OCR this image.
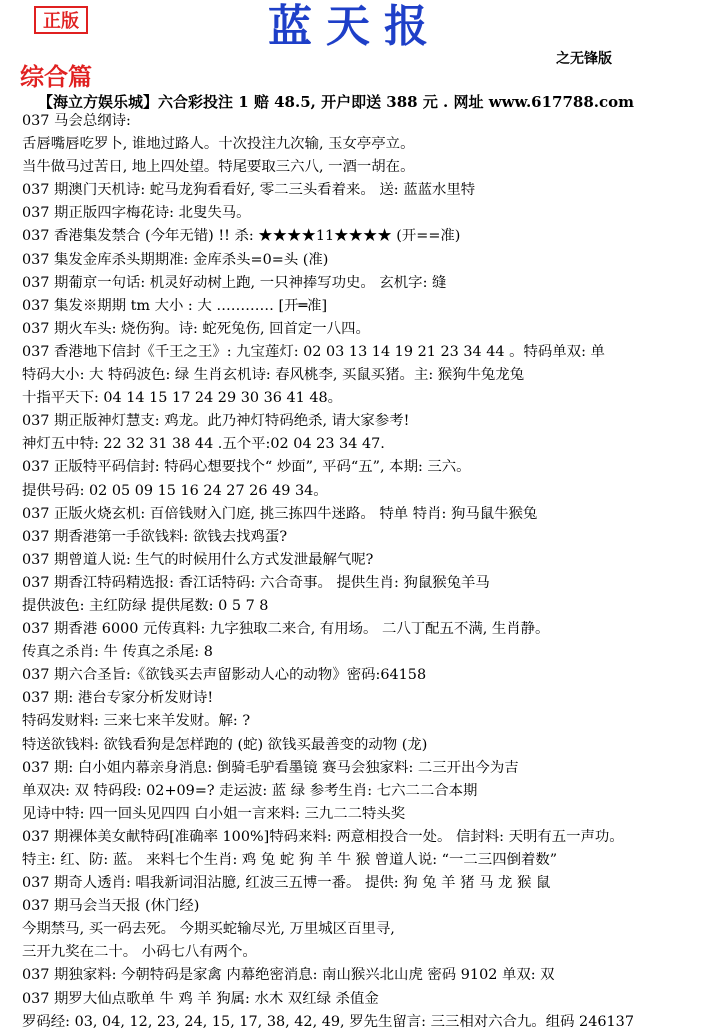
正版	蓝天报
之无锋版
综合篇
【海立方娱乐城】六合彩投注 1 赔 48.5, 开户即送 388 元 . 网址 www.617788.com
037 马会总纲诗:
舌唇嘴唇吃罗卜, 谁地过路人。十次投注九次输, 玉女亭亭立。
当牛做马过苦日, 地上四处望。特尾要取三六八, 一酒一胡在。
037 期澳门天机诗: 蛇马龙狗看看好, 零二三头看着来。 送: 蓝蓝水里特
037 期正版四字梅花诗: 北叟失马。
037 香港集发禁合 (今年无错) !! 杀: ★★★★11★★★★ (开==准)
037 集发金库杀头期期准: 金库杀头=0=头 (准)
037 期葡京一句话: 机灵好动树上跑, 一只神捧写功史。 玄机字: 缝
037 集发※期期 tm 大小 : 大 ………… [开═准]
037 期火车头: 烧伤狗。诗: 蛇死兔伤, 回首定一八四。
037 香港地下信封《千王之王》: 九宝莲灯: 02 03 13 14 19 21 23 34 44 。特码单双: 单
特码大小: 大 特码波色: 绿 生肖玄机诗: 春风桃李, 买鼠买猪。主: 猴狗牛兔龙兔
十指平天下: 04 14 15 17 24 29 30 36 41 48。
037 期正版神灯慧支: 鸡龙。此乃神灯特码绝杀, 请大家参考!
神灯五中特: 22 32 31 38 44 .五个平:02 04 23 34 47.
037 正版特平码信封: 特码心想要找个“ 炒面”, 平码“五”, 本期: 三六。
提供号码: 02 05 09 15 16 24 27 26 49 34。
037 正版火烧玄机: 百倍钱财入门庭, 挑三拣四牛迷路。 特单 特肖: 狗马鼠牛猴兔
037 期香港第一手欲钱料: 欲钱去找鸡蛋?
037 期曾道人说: 生气的时候用什么方式发泄最解气呢?
037 期香江特码精选报: 香江话特码: 六合奇事。 提供生肖: 狗鼠猴兔羊马
提供波色: 主红防绿 提供尾数: 0 5 7 8
037 期香港 6000 元传真料: 九字独取二来合, 有用场。 二八丁配五不满, 生肖静。
传真之杀肖: 牛 传真之杀尾: 8
037 期六合圣旨:《欲钱买去声留影动人心的动物》密码:64158
037 期: 港台专家分析发财诗!
特码发财料: 三来七来羊发财。解: ?
特送欲钱料: 欲钱看狗是怎样跑的 (蛇) 欲钱买最善变的动物 (龙)
037 期: 白小姐内幕亲身消息: 倒骑毛驴看墨镜 赛马会独家料: 二三开出今为吉
单双决: 双 特码段: 02+09=? 走运波: 蓝 绿 参考生肖: 七六二二合本期
见诗中特: 四一回头见四四 白小姐一言来料: 三九二二特头奖
037 期裸体美女献特码[准确率 100%]特码来料: 两意相投合一处。 信封料: 天明有五一声功。
特主: 红、防: 蓝。 来料七个生肖: 鸡 兔 蛇 狗 羊 牛 猴 曾道人说: “一二三四倒着数”
037 期奇人透肖: 唱我新词泪沾臆, 红波三五博一番。 提供: 狗 兔 羊 猪 马 龙 猴 鼠
037 期马会当天报 (休门经)
今期禁马, 买一码去死。 今期买蛇输尽光, 万里城区百里寻,
三开九奖在二十。 小码七八有两个。
037 期独家料: 今朝特码是家禽 内幕绝密消息: 南山猴兴北山虎 密码 9102 单双: 双
037 期罗大仙点歌单 牛 鸡 羊 狗属: 水木 双红绿 杀值金
罗码经: 03, 04, 12, 23, 24, 15, 17, 38, 42, 49, 罗先生留言: 三三相对六合九。组码 246137
